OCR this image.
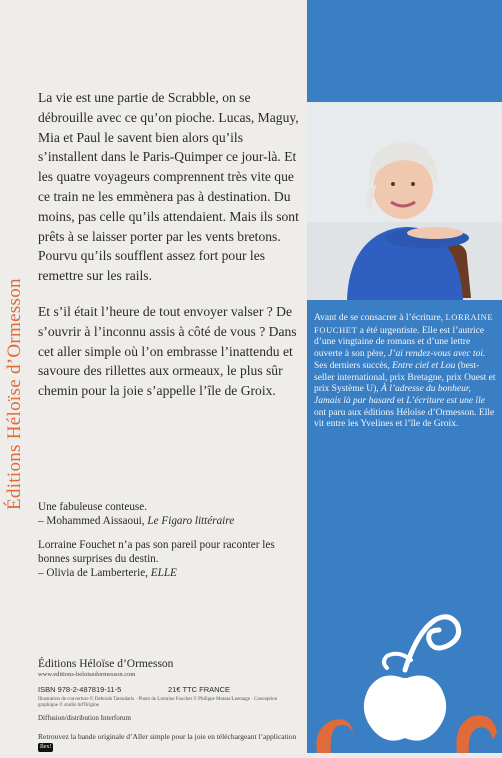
Éditions Héloïse d’Ormesson

La vie est une partie de Scrabble, on se débrouille avec ce qu’on pioche. Lucas, Maguy, Mia et Paul le savent bien alors qu’ils s’installent dans le Paris-Quimper ce jour-là. Et les quatre voyageurs comprennent très vite que ce train ne les emmènera pas à destination. Du moins, pas celle qu’ils attendaient. Mais ils sont prêts à se laisser porter par les vents bretons. Pourvu qu’ils soufflent assez fort pour les remettre sur les rails.

Et s’il était l’heure de tout envoyer valser ? De s’ouvrir à l’inconnu assis à côté de vous ? Dans cet aller simple où l’on embrasse l’inattendu et savoure des rillettes aux ormeaux, le plus sûr chemin pour la joie s’appelle l’île de Groix.

Une fabuleuse conteuse.

– Mohammed Aissaoui, Le Figaro littéraire

Lorraine Fouchet n’a pas son pareil pour raconter les bonnes surprises du destin.

– Olivia de Lamberterie, ELLE

Éditions Héloïse d’Ormesson
www.editions-heloisedormesson.com
ISBN 978-2-487819-11-5	21€ TTC FRANCE
Illustration de couverture © Deborah Tatoudaris · Photo de Lorraine Fouchet © Philippe Matsas/Leemage · Conception graphique © studio hd'Origine
Diffusion/distribution Interforum
Retrouvez la bande originale d’Aller simple pour la joie en téléchargeant l’application Ilex!
Avant de se consacrer à l’écriture, LORRAINE FOUCHET a été urgentiste. Elle est l’autrice d’une vingtaine de romans et d’une lettre ouverte à son père, J’ai rendez-vous avec toi. Ses derniers succès, Entre ciel et Lou (best-seller international, prix Bretagne, prix Ouest et prix Système U), À l’adresse du bonheur, Jamais là par hasard et L’écriture est une île ont paru aux éditions Héloïse d’Ormesson. Elle vit entre les Yvelines et l’île de Groix.
